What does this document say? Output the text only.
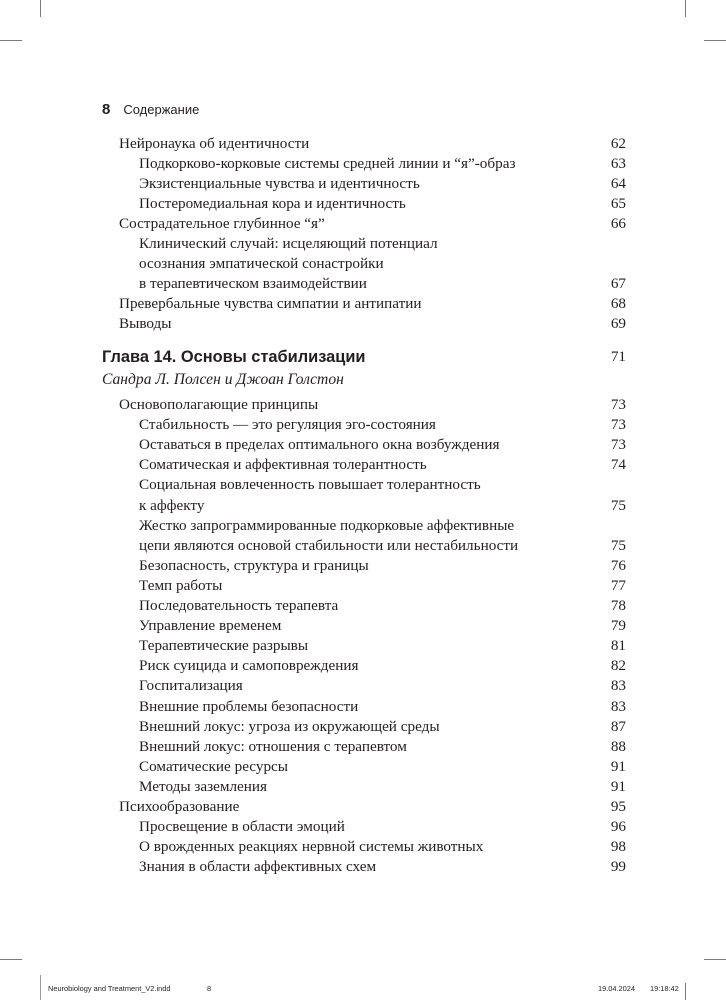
8 Содержание
Нейронаука об идентичности	62
Подкорково-корковые системы средней линии и “я”-образ	63
Экзистенциальные чувства и идентичность	64
Постеромедиальная кора и идентичность	65
Сострадательное глубинное “я”	66
Клинический случай: исцеляющий потенциал
осознания эмпатической сонастройки
в терапевтическом взаимодействии	67
Превербальные чувства симпатии и антипатии	68
Выводы	69
Глава 14. Основы стабилизации	71
Сандра Л. Полсен и Джоан Голстон
Основополагающие принципы	73
Стабильность — это регуляция эго-состояния	73
Оставаться в пределах оптимального окна возбуждения	73
Соматическая и аффективная толерантность	74
Социальная вовлеченность повышает толерантность
к аффекту	75
Жестко запрограммированные подкорковые аффективные
цепи являются основой стабильности или нестабильности	75
Безопасность, структура и границы	76
Темп работы	77
Последовательность терапевта	78
Управление временем	79
Терапевтические разрывы	81
Риск суицида и самоповреждения	82
Госпитализация	83
Внешние проблемы безопасности	83
Внешний локус: угроза из окружающей среды	87
Внешний локус: отношения с терапевтом	88
Соматические ресурсы	91
Методы заземления	91
Психообразование	95
Просвещение в области эмоций	96
О врожденных реакциях нервной системы животных	98
Знания в области аффективных схем	99
Neurobiology and Treatment_V2.indd	8	19.04.2024 19:18:42
